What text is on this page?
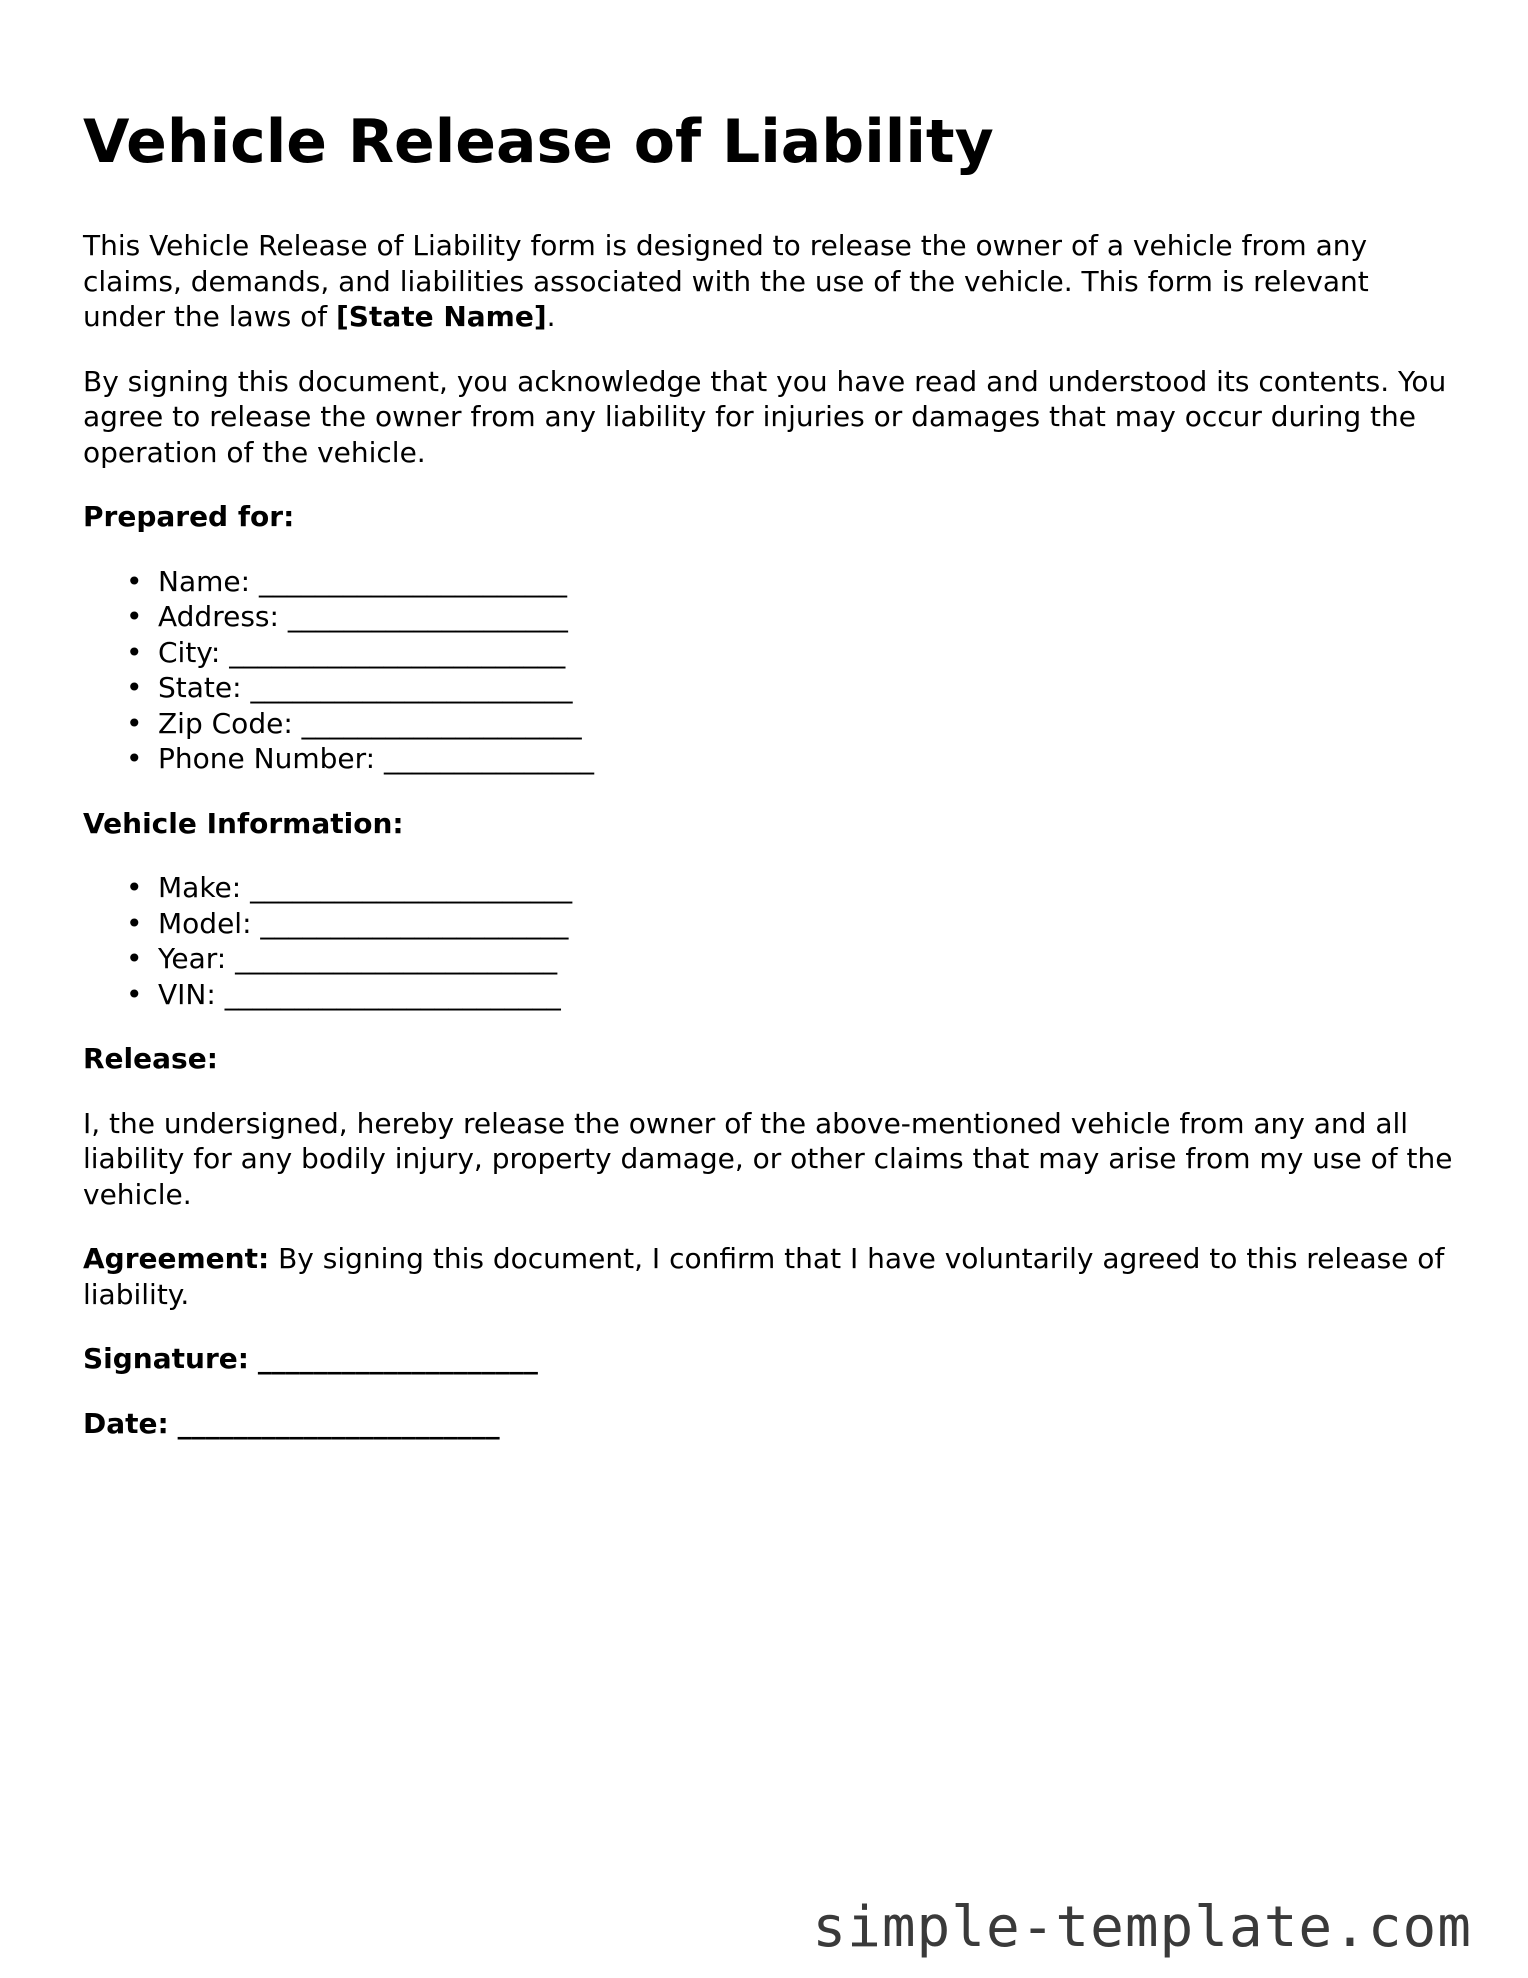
Vehicle Release of Liability

This Vehicle Release of Liability form is designed to release the owner of a vehicle from any claims, demands, and liabilities associated with the use of the vehicle. This form is relevant under the laws of [State Name].

By signing this document, you acknowledge that you have read and understood its contents. You agree to release the owner from any liability for injuries or damages that may occur during the operation of the vehicle.

Prepared for:
• Name: ______________________
• Address: ____________________
• City: ________________________
• State: _______________________
• Zip Code: ____________________
• Phone Number: _______________
Vehicle Information:
• Make: _______________________
• Model: ______________________
• Year: _______________________
• VIN: ________________________
Release:

I, the undersigned, hereby release the owner of the above-mentioned vehicle from any and all liability for any bodily injury, property damage, or other claims that may arise from my use of the vehicle.

Agreement: By signing this document, I confirm that I have voluntarily agreed to this release of liability.

Signature: ____________________

Date: _______________________

simple-template.com
